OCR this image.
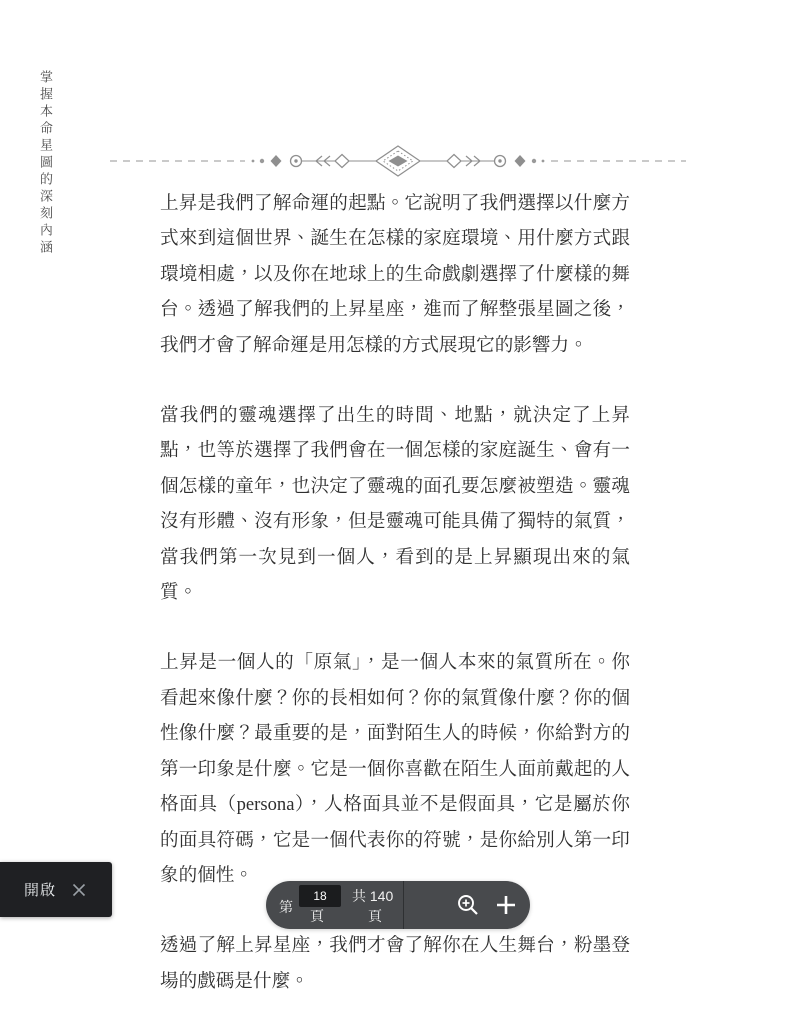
掌握本命星圖的深刻內涵	上昇是我們了解命運的起點。它說明了我們選擇以什麼方式來到這個世界、誕生在怎樣的家庭環境、用什麼方式跟環境相處，以及你在地球上的生命戲劇選擇了什麼樣的舞台。透過了解我們的上昇星座，進而了解整張星圖之後，我們才會了解命運是用怎樣的方式展現它的影響力。

當我們的靈魂選擇了出生的時間、地點，就決定了上昇點，也等於選擇了我們會在一個怎樣的家庭誕生、會有一個怎樣的童年，也決定了靈魂的面孔要怎麼被塑造。靈魂沒有形體、沒有形象，但是靈魂可能具備了獨特的氣質，當我們第一次見到一個人，看到的是上昇顯現出來的氣質。

上昇是一個人的「原氣」，是一個人本來的氣質所在。你看起來像什麼？你的長相如何？你的氣質像什麼？你的個性像什麼？最重要的是，面對陌生人的時候，你給對方的第一印象是什麼。它是一個你喜歡在陌生人面前戴起的人格面具（persona），人格面具並不是假面具，它是屬於你的面具符碼，它是一個代表你的符號，是你給別人第一印象的個性。

透過了解上昇星座，我們才會了解你在人生舞台，粉墨登場的戲碼是什麼。

開啟
第
18
頁
共 140
頁
